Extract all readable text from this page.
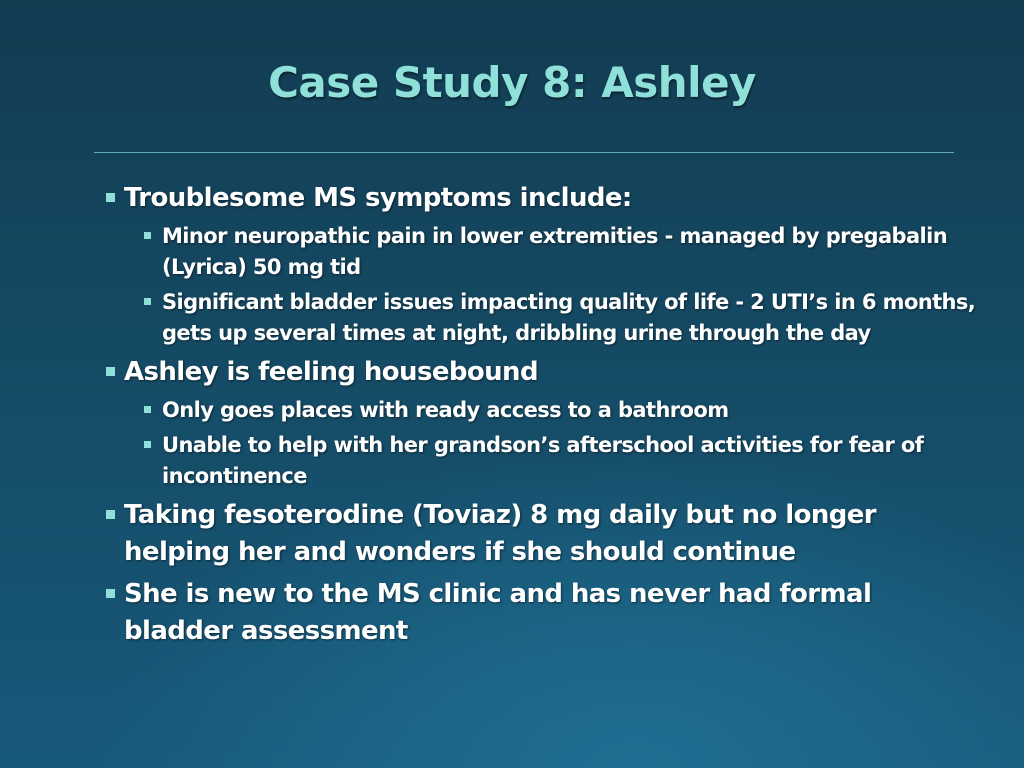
Case Study 8: Ashley
Troublesome MS symptoms include:
Minor neuropathic pain in lower extremities - managed by pregabalin (Lyrica) 50 mg tid
Significant bladder issues impacting quality of life - 2 UTI’s in 6 months, gets up several times at night, dribbling urine through the day
Ashley is feeling housebound
Only goes places with ready access to a bathroom
Unable to help with her grandson’s afterschool activities for fear of incontinence
Taking fesoterodine (Toviaz) 8 mg daily but no longer helping her and wonders if she should continue
She is new to the MS clinic and has never had formal bladder assessment
